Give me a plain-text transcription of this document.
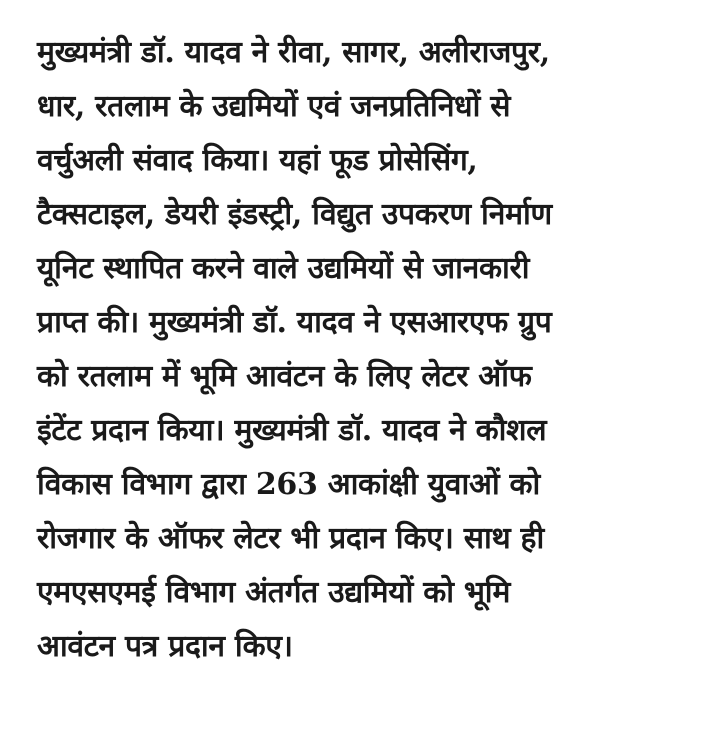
मुख्यमंत्री डॉ. यादव ने रीवा, सागर, अलीराजपुर,
धार, रतलाम के उद्यमियों एवं जनप्रतिनिधों से
वर्चुअली संवाद किया। यहां फूड प्रोसेसिंग,
टैक्सटाइल, डेयरी इंडस्ट्री, विद्युत उपकरण निर्माण
यूनिट स्थापित करने वाले उद्यमियों से जानकारी
प्राप्त की। मुख्यमंत्री डॉ. यादव ने एसआरएफ ग्रुप
को रतलाम में भूमि आवंटन के लिए लेटर ऑफ
इंटेंट प्रदान किया। मुख्यमंत्री डॉ. यादव ने कौशल
विकास विभाग द्वारा 263 आकांक्षी युवाओं को
रोजगार के ऑफर लेटर भी प्रदान किए। साथ ही
एमएसएमई विभाग अंतर्गत उद्यमियों को भूमि
आवंटन पत्र प्रदान किए।
